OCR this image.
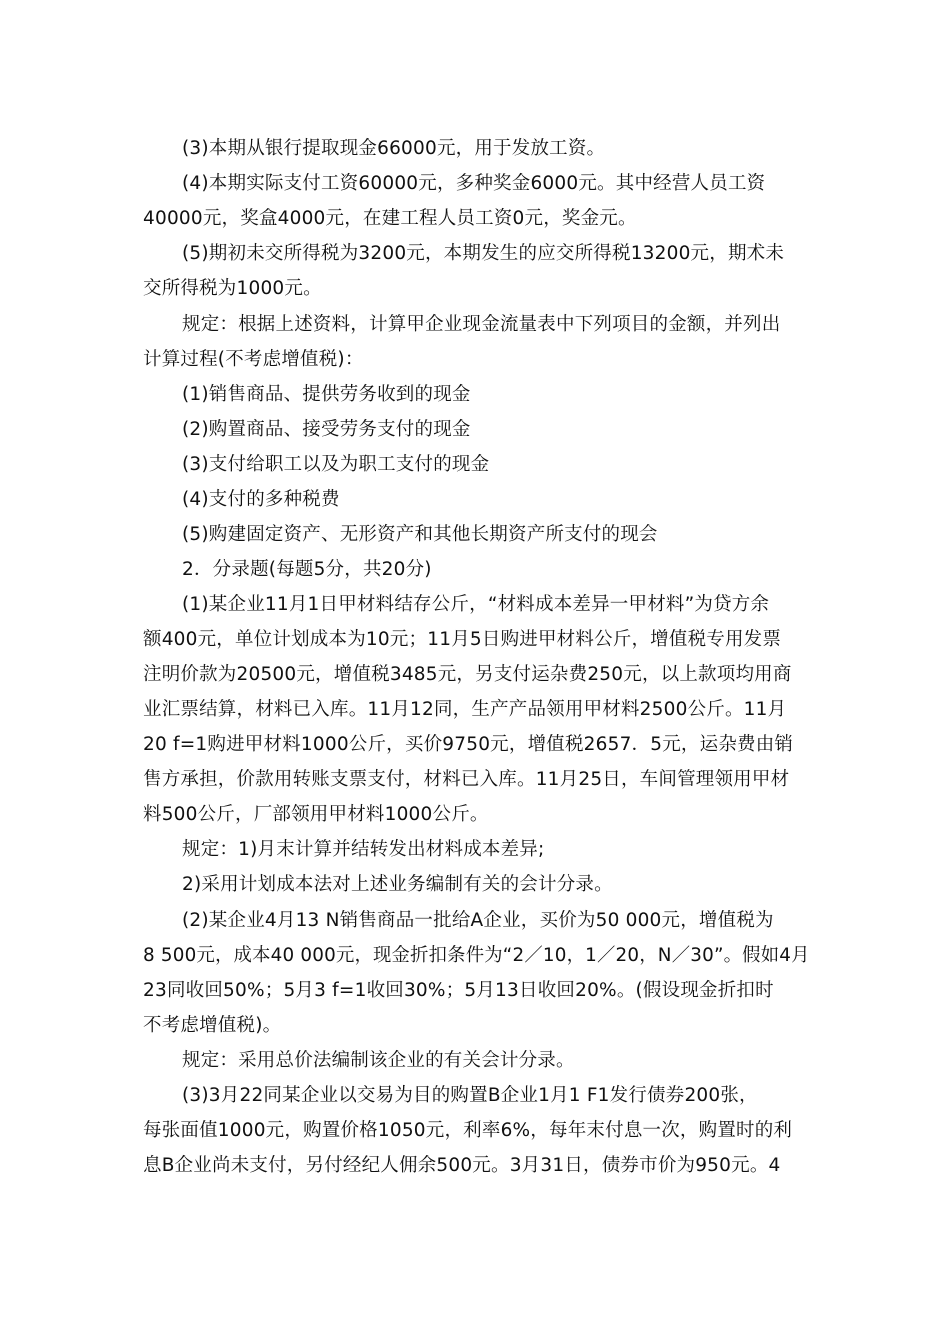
(3)本期从银行提取现金66000元，用于发放工资。
(4)本期实际支付工资60000元，多种奖金6000元。其中经营人员工资
40000元，奖盒4000元，在建工程人员工资0元，奖金元。
(5)期初未交所得税为3200元，本期发生的应交所得税13200元，期术未
交所得税为1000元。
规定：根据上述资料，计算甲企业现金流量表中下列项目的金额，并列出
计算过程(不考虑增值税)：
(1)销售商品、提供劳务收到的现金
(2)购置商品、接受劳务支付的现金
(3)支付给职工以及为职工支付的现金
(4)支付的多种税费
(5)购建固定资产、无形资产和其他长期资产所支付的现会
2．分录题(每题5分，共20分)
(1)某企业11月1日甲材料结存公斤，“材料成本差异一甲材料”为贷方余
额400元，单位计划成本为10元；11月5日购进甲材料公斤，增值税专用发票
注明价款为20500元，增值税3485元，另支付运杂费250元，以上款项均用商
业汇票结算，材料已入库。11月12同，生产产品领用甲材料2500公斤。11月
20 f=1购进甲材料1000公斤，买价9750元，增值税2657．5元，运杂费由销
售方承担，价款用转账支票支付，材料已入库。11月25日，车间管理领用甲材
料500公斤，厂部领用甲材料1000公斤。
规定：1)月末计算并结转发出材料成本差异;
2)采用计划成本法对上述业务编制有关的会计分录。
(2)某企业4月13 N销售商品一批给A企业，买价为50 000元，增值税为
8 500元，成本40 000元，现金折扣条件为“2／10，1／20，N／30”。假如4月
23同收回50%；5月3 f=1收回30%；5月13日收回20%。(假设现金折扣时
不考虑增值税)。
规定：采用总价法编制该企业的有关会计分录。
(3)3月22同某企业以交易为目的购置B企业1月1 F1发行债券200张，
每张面值1000元，购置价格1050元，利率6%，每年末付息一次，购置时的利
息B企业尚未支付，另付经纪人佣余500元。3月31日，债券市价为950元。4
